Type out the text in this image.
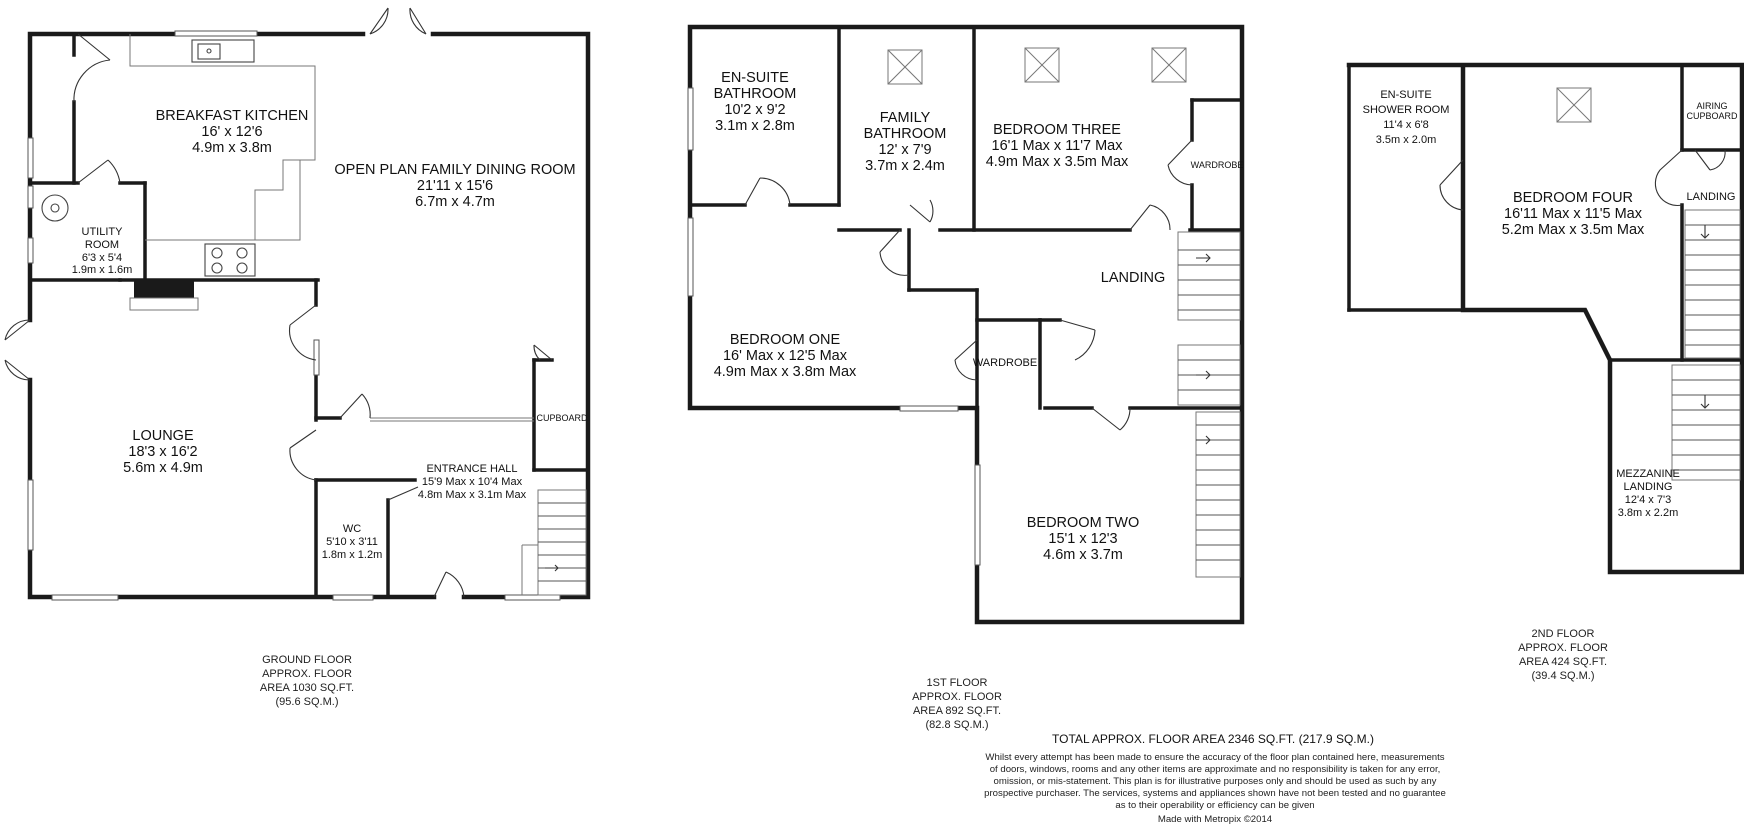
BREAKFAST KITCHEN
16' x 12'6
4.9m x 3.8m
OPEN PLAN FAMILY DINING ROOM
21'11 x 15'6
6.7m x 4.7m
UTILITY
ROOM
6'3 x 5'4
1.9m x 1.6m
LOUNGE
18'3 x 16'2
5.6m x 4.9m
CUPBOARD
ENTRANCE HALL
15'9 Max x 10'4 Max
4.8m Max x 3.1m Max
WC
5'10 x 3'11
1.8m x 1.2m
EN-SUITE
BATHROOM
10'2 x 9'2
3.1m x 2.8m	FAMILY
BATHROOM
12' x 7'9
3.7m x 2.4m
BEDROOM THREE
16'1 Max x 11'7 Max
4.9m Max x 3.5m Max	WARDROBE
LANDING
BEDROOM ONE
16' Max x 12'5 Max
4.9m Max x 3.8m Max
WARDROBE
BEDROOM TWO
15'1 x 12'3
4.6m x 3.7m
EN-SUITE
SHOWER ROOM
11'4 x 6'8
3.5m x 2.0m
AIRING
CUPBOARD
BEDROOM FOUR
16'11 Max x 11'5 Max
5.2m Max x 3.5m Max
LANDING
MEZZANINE
LANDING
12'4 x 7'3
3.8m x 2.2m
GROUND FLOOR
APPROX. FLOOR
AREA 1030 SQ.FT.
(95.6 SQ.M.)
1ST FLOOR
APPROX. FLOOR
AREA 892 SQ.FT.
(82.8 SQ.M.)
2ND FLOOR
APPROX. FLOOR
AREA 424 SQ.FT.
(39.4 SQ.M.)
TOTAL APPROX. FLOOR AREA 2346 SQ.FT. (217.9 SQ.M.)
Whilst every attempt has been made to ensure the accuracy of the floor plan contained here, measurements
of doors, windows, rooms and any other items are approximate and no responsibility is taken for any error,
omission, or mis-statement. This plan is for illustrative purposes only and should be used as such by any
prospective purchaser. The services, systems and appliances shown have not been tested and no guarantee
as to their operability or efficiency can be given
Made with Metropix ©2014
